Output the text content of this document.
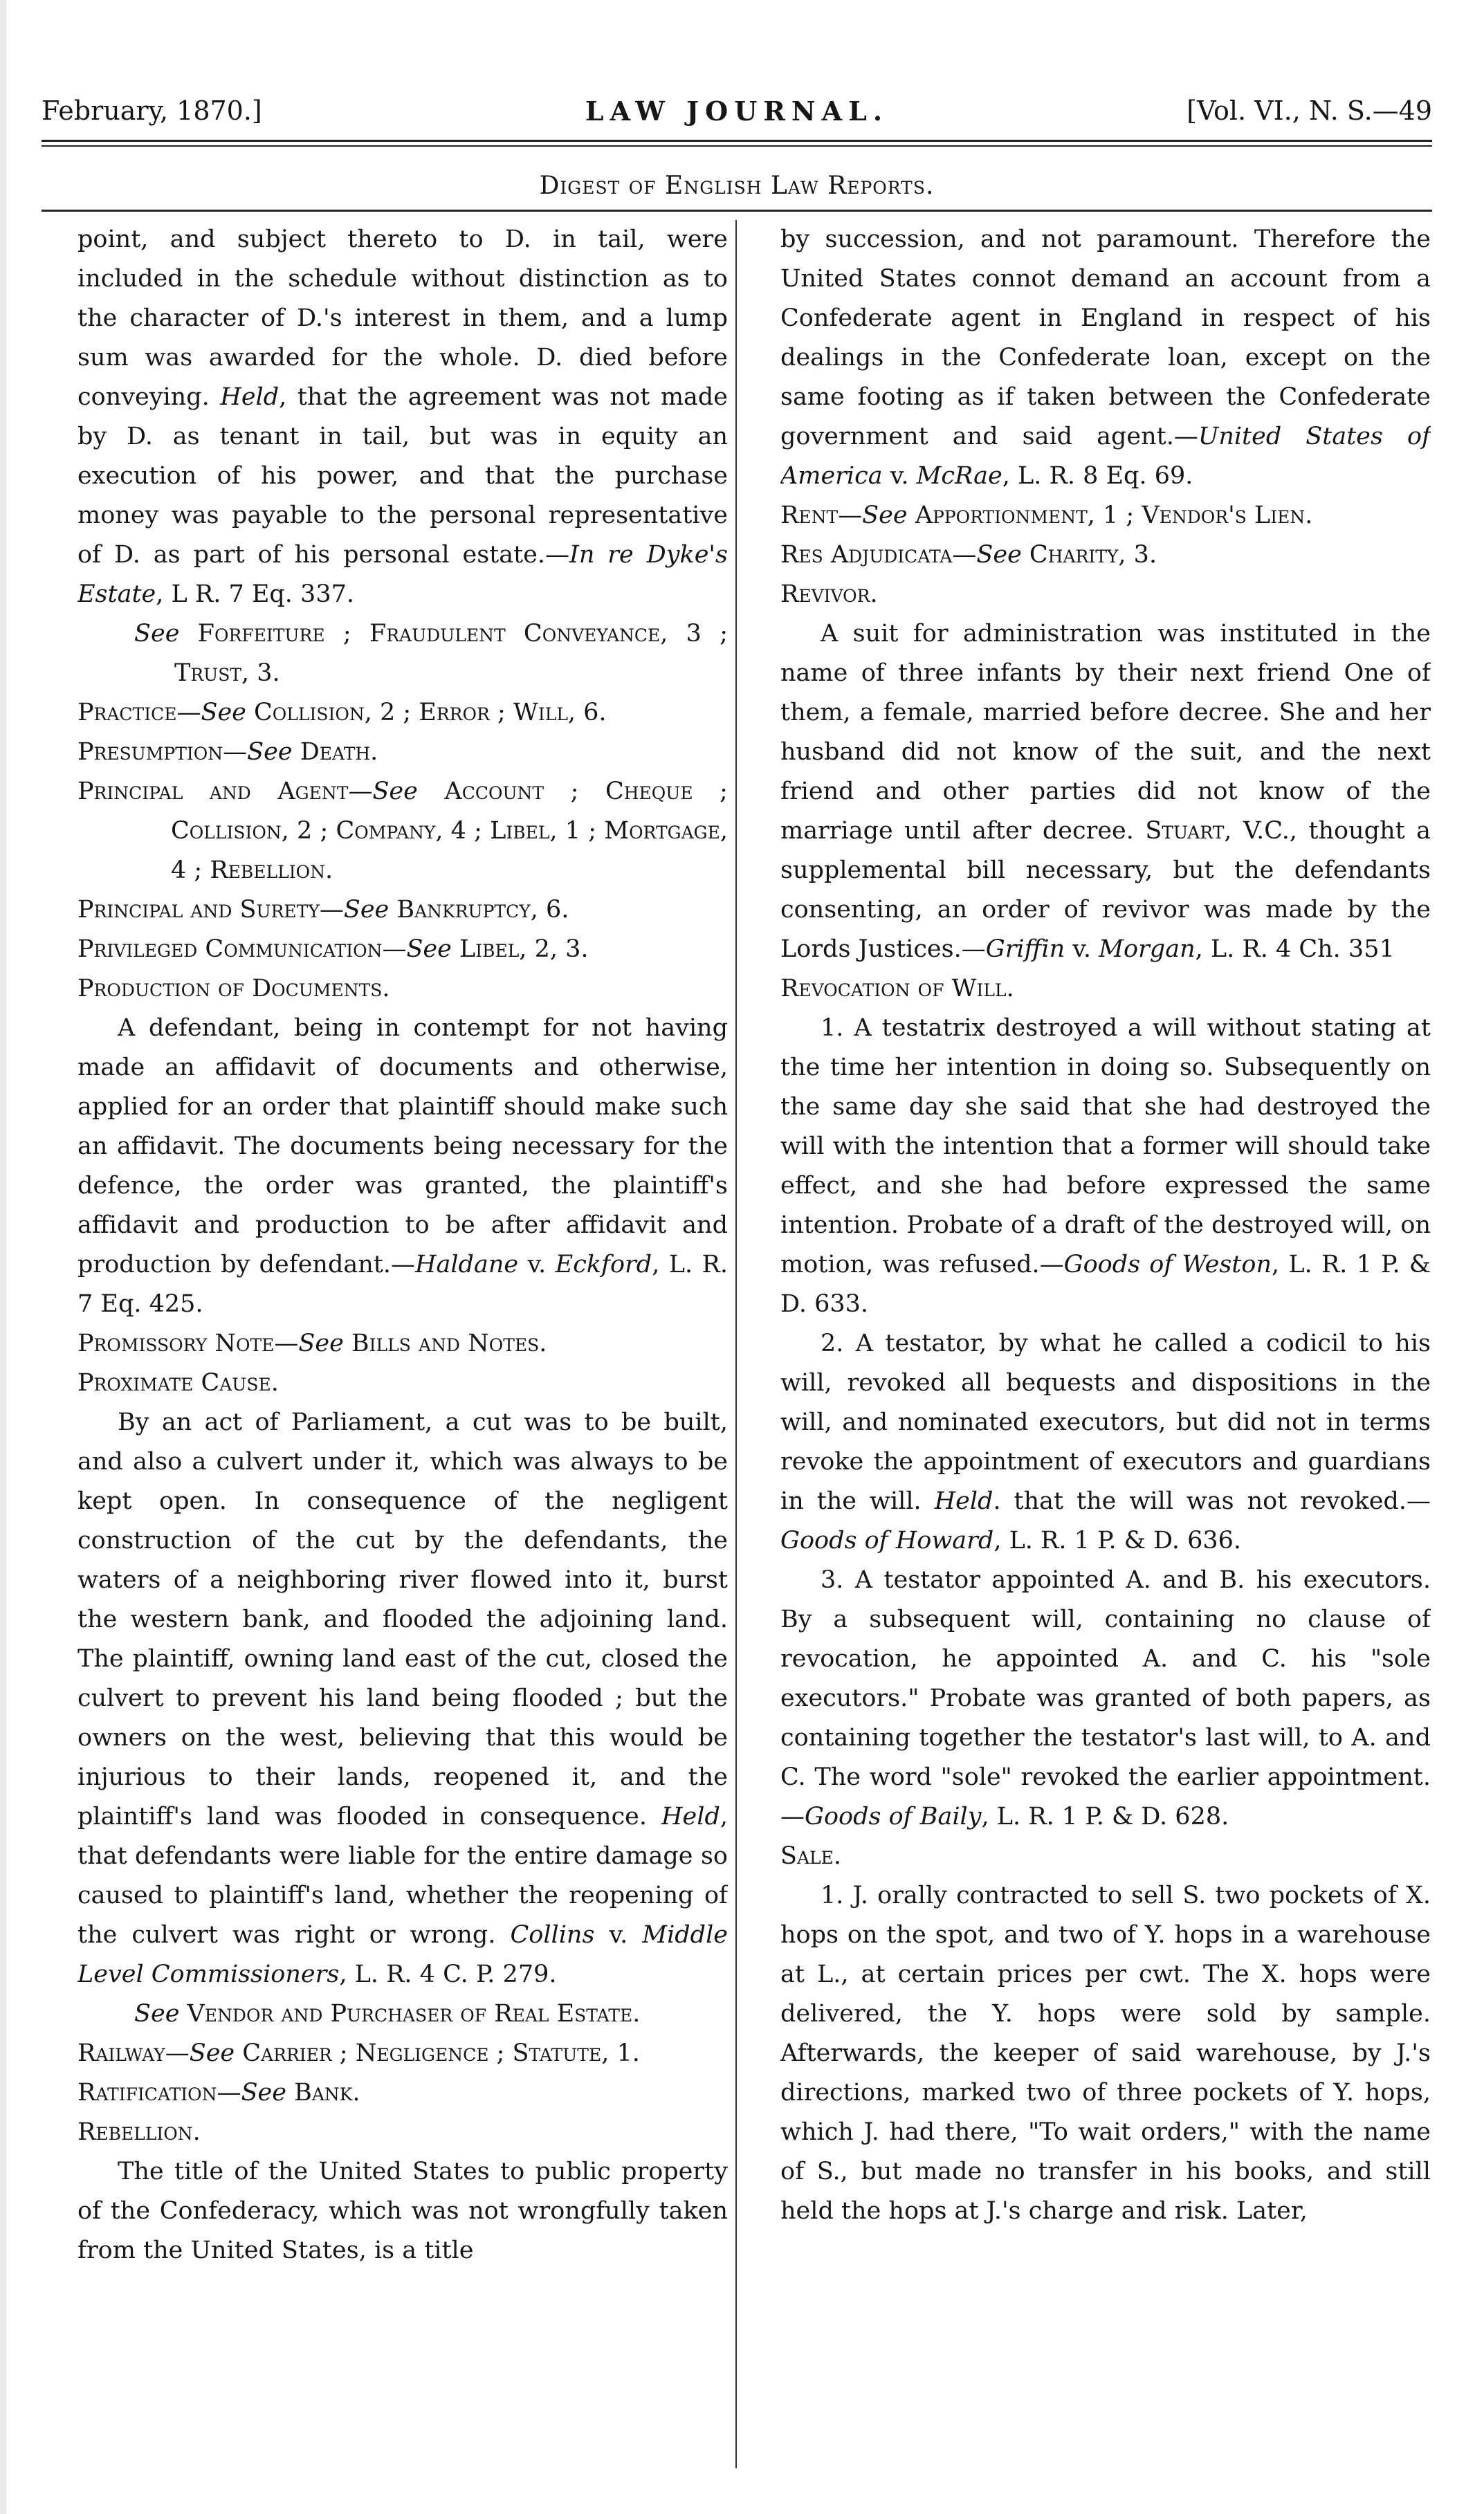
February, 1870.]	LAW JOURNAL.	[Vol. VI., N. S.—49
Digest of English Law Reports.

point, and subject thereto to D. in tail, were included in the schedule without distinction as to the character of D.'s interest in them, and a lump sum was awarded for the whole. D. died before conveying. Held, that the agreement was not made by D. as tenant in tail, but was in equity an execution of his power, and that the purchase money was payable to the personal representative of D. as part of his personal estate.—In re Dyke's Estate, L R. 7 Eq. 337.

See Forfeiture ; Fraudulent Conveyance, 3 ; Trust, 3.

Practice—See Collision, 2 ; Error ; Will, 6.

Presumption—See Death.

Principal and Agent—See Account ; Cheque ; Collision, 2 ; Company, 4 ; Libel, 1 ; Mortgage, 4 ; Rebellion.

Principal and Surety—See Bankruptcy, 6.

Privileged Communication—See Libel, 2, 3.

Production of Documents.

A defendant, being in contempt for not having made an affidavit of documents and otherwise, applied for an order that plaintiff should make such an affidavit. The documents being necessary for the defence, the order was granted, the plaintiff's affidavit and production to be after affidavit and production by defendant.—Haldane v. Eckford, L. R. 7 Eq. 425.

Promissory Note—See Bills and Notes.

Proximate Cause.

By an act of Parliament, a cut was to be built, and also a culvert under it, which was always to be kept open. In consequence of the negligent construction of the cut by the defendants, the waters of a neighboring river flowed into it, burst the western bank, and flooded the adjoining land. The plaintiff, owning land east of the cut, closed the culvert to prevent his land being flooded ; but the owners on the west, believing that this would be injurious to their lands, reopened it, and the plaintiff's land was flooded in consequence. Held, that defendants were liable for the entire damage so caused to plaintiff's land, whether the reopening of the culvert was right or wrong. Collins v. Middle Level Commissioners, L. R. 4 C. P. 279.

See Vendor and Purchaser of Real Estate.

Railway—See Carrier ; Negligence ; Statute, 1.

Ratification—See Bank.

Rebellion.

The title of the United States to public property of the Confederacy, which was not wrongfully taken from the United States, is a title

by succession, and not paramount. Therefore the United States connot demand an account from a Confederate agent in England in respect of his dealings in the Confederate loan, except on the same footing as if taken between the Confederate government and said agent.—United States of America v. McRae, L. R. 8 Eq. 69.

Rent—See Apportionment, 1 ; Vendor's Lien.

Res Adjudicata—See Charity, 3.

Revivor.

A suit for administration was instituted in the name of three infants by their next friend One of them, a female, married before decree. She and her husband did not know of the suit, and the next friend and other parties did not know of the marriage until after decree. Stuart, V.C., thought a supplemental bill necessary, but the defendants consenting, an order of revivor was made by the Lords Justices.—Griffin v. Morgan, L. R. 4 Ch. 351

Revocation of Will.

1. A testatrix destroyed a will without stating at the time her intention in doing so. Subsequently on the same day she said that she had destroyed the will with the intention that a former will should take effect, and she had before expressed the same intention. Probate of a draft of the destroyed will, on motion, was refused.—Goods of Weston, L. R. 1 P. & D. 633.

2. A testator, by what he called a codicil to his will, revoked all bequests and dispositions in the will, and nominated executors, but did not in terms revoke the appointment of executors and guardians in the will. Held. that the will was not revoked.—Goods of Howard, L. R. 1 P. & D. 636.

3. A testator appointed A. and B. his executors. By a subsequent will, containing no clause of revocation, he appointed A. and C. his "sole executors." Probate was granted of both papers, as containing together the testator's last will, to A. and C. The word "sole" revoked the earlier appointment.—Goods of Baily, L. R. 1 P. & D. 628.

Sale.

1. J. orally contracted to sell S. two pockets of X. hops on the spot, and two of Y. hops in a warehouse at L., at certain prices per cwt. The X. hops were delivered, the Y. hops were sold by sample. Afterwards, the keeper of said warehouse, by J.'s directions, marked two of three pockets of Y. hops, which J. had there, "To wait orders," with the name of S., but made no transfer in his books, and still held the hops at J.'s charge and risk. Later,
